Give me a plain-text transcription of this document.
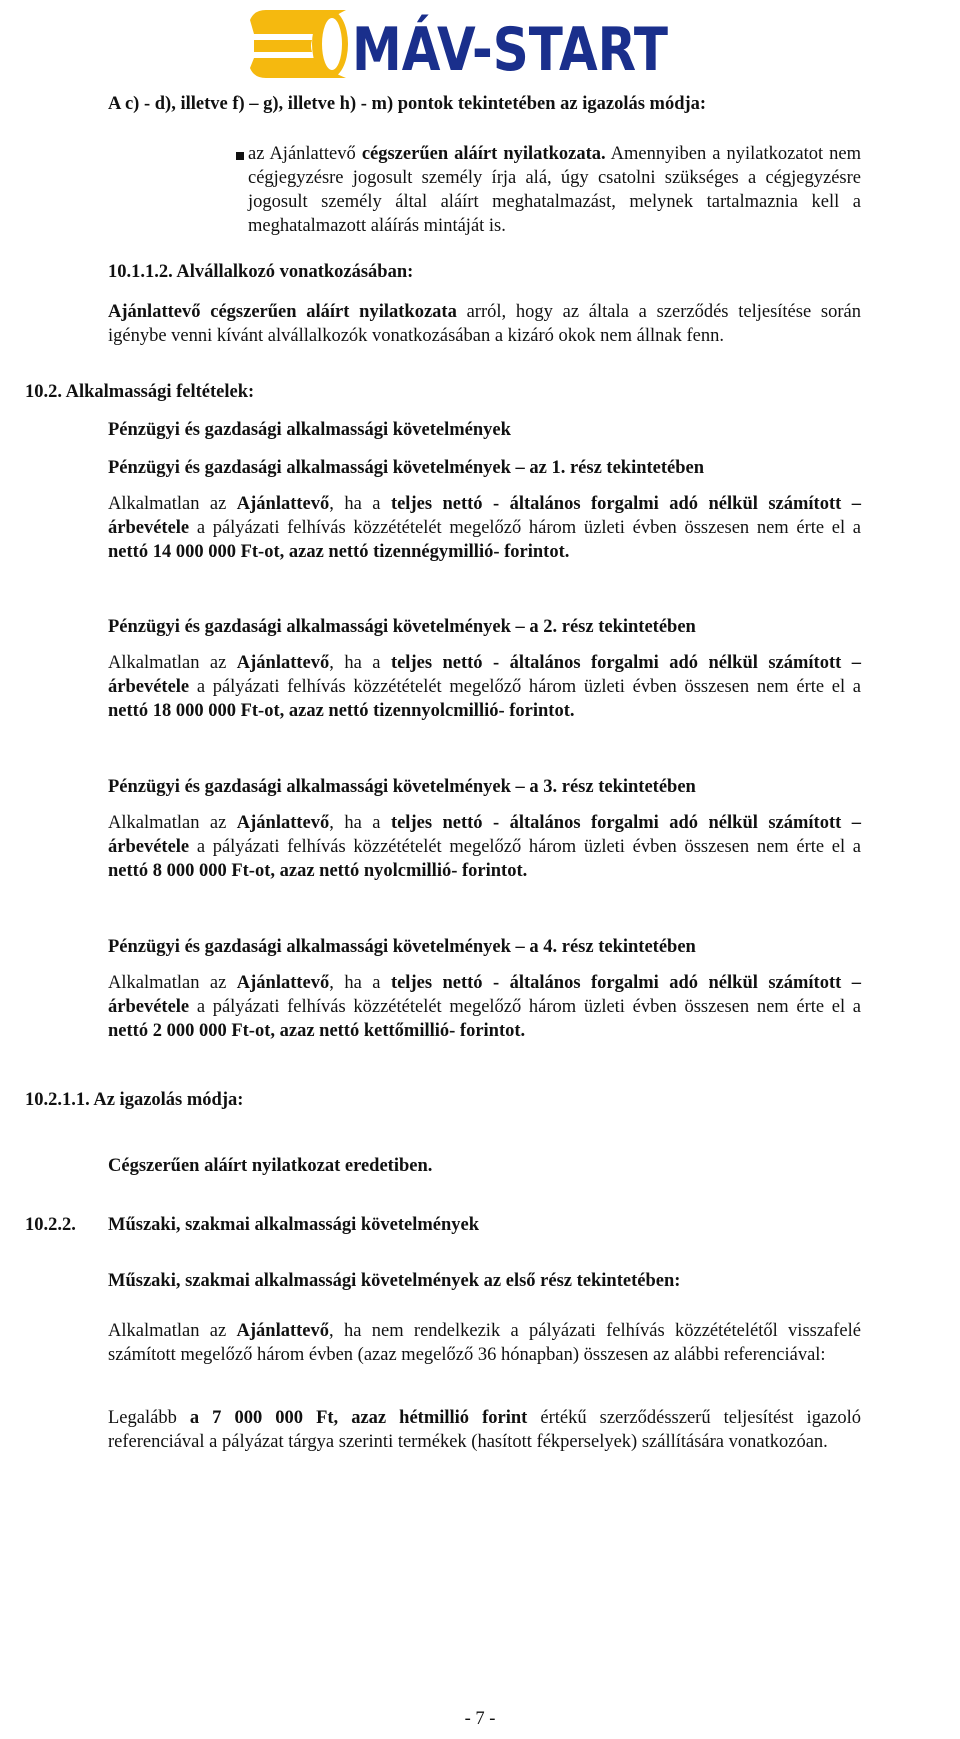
MÁV-START
A c) - d), illetve f) – g), illetve h) - m) pontok tekintetében az igazolás módja:
az Ajánlattevő cégszerűen aláírt nyilatkozata. Amennyiben a nyilatkozatot nem cégjegyzésre jogosult személy írja alá, úgy csatolni szükséges a cégjegyzésre jogosult személy által aláírt meghatalmazást, melynek tartalmaznia kell a meghatalmazott aláírás mintáját is.
10.1.1.2. Alvállalkozó vonatkozásában:
Ajánlattevő cégszerűen aláírt nyilatkozata arról, hogy az általa a szerződés teljesítése során igénybe venni kívánt alvállalkozók vonatkozásában a kizáró okok nem állnak fenn.
10.2. Alkalmassági feltételek:
Pénzügyi és gazdasági alkalmassági követelmények
Pénzügyi és gazdasági alkalmassági követelmények – az 1. rész tekintetében
Alkalmatlan az Ajánlattevő, ha a teljes nettó - általános forgalmi adó nélkül számított – árbevétele a pályázati felhívás közzétételét megelőző három üzleti évben összesen nem érte el a nettó 14 000 000 Ft-ot, azaz nettó tizennégymillió- forintot.
Pénzügyi és gazdasági alkalmassági követelmények – a 2. rész tekintetében
Alkalmatlan az Ajánlattevő, ha a teljes nettó - általános forgalmi adó nélkül számított – árbevétele a pályázati felhívás közzétételét megelőző három üzleti évben összesen nem érte el a nettó 18 000 000 Ft-ot, azaz nettó tizennyolcmillió- forintot.
Pénzügyi és gazdasági alkalmassági követelmények – a 3. rész tekintetében
Alkalmatlan az Ajánlattevő, ha a teljes nettó - általános forgalmi adó nélkül számított – árbevétele a pályázati felhívás közzétételét megelőző három üzleti évben összesen nem érte el a nettó 8 000 000 Ft-ot, azaz nettó nyolcmillió- forintot.
Pénzügyi és gazdasági alkalmassági követelmények – a 4. rész tekintetében
Alkalmatlan az Ajánlattevő, ha a teljes nettó - általános forgalmi adó nélkül számított – árbevétele a pályázati felhívás közzétételét megelőző három üzleti évben összesen nem érte el a nettó 2 000 000 Ft-ot, azaz nettó kettőmillió- forintot.
10.2.1.1. Az igazolás módja:
Cégszerűen aláírt nyilatkozat eredetiben.
10.2.2.	Műszaki, szakmai alkalmassági követelmények
Műszaki, szakmai alkalmassági követelmények az első rész tekintetében:
Alkalmatlan az Ajánlattevő, ha nem rendelkezik a pályázati felhívás közzétételétől visszafelé számított megelőző három évben (azaz megelőző 36 hónapban) összesen az alábbi referenciával:
Legalább a 7 000 000 Ft, azaz hétmillió forint értékű szerződésszerű teljesítést igazoló referenciával a pályázat tárgya szerinti termékek (hasított fékperselyek) szállítására vonatkozóan.
- 7 -
